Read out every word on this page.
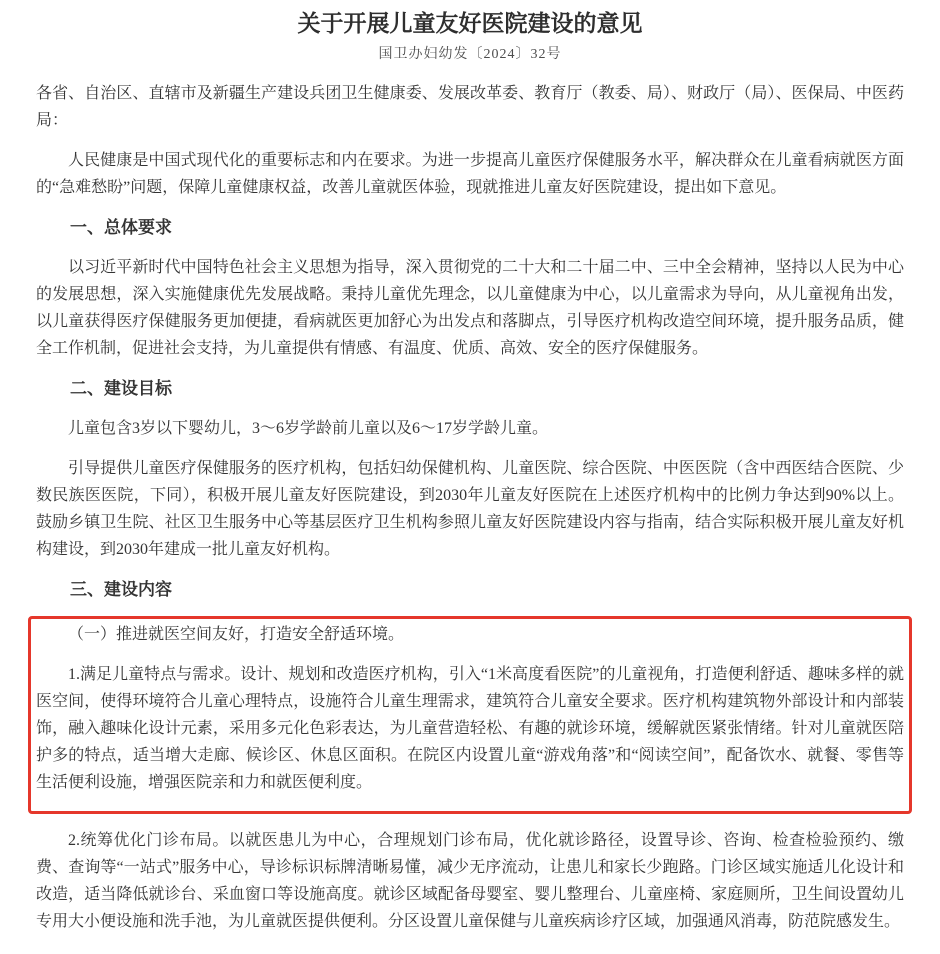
关于开展儿童友好医院建设的意见
国卫办妇幼发〔2024〕32号

各省、自治区、直辖市及新疆生产建设兵团卫生健康委、发展改革委、教育厅（教委、局）、财政厅（局）、医保局、中医药局：

人民健康是中国式现代化的重要标志和内在要求。为进一步提高儿童医疗保健服务水平，解决群众在儿童看病就医方面的“急难愁盼”问题，保障儿童健康权益，改善儿童就医体验，现就推进儿童友好医院建设，提出如下意见。

一、总体要求

以习近平新时代中国特色社会主义思想为指导，深入贯彻党的二十大和二十届二中、三中全会精神，坚持以人民为中心的发展思想，深入实施健康优先发展战略。秉持儿童优先理念，以儿童健康为中心，以儿童需求为导向，从儿童视角出发，以儿童获得医疗保健服务更加便捷，看病就医更加舒心为出发点和落脚点，引导医疗机构改造空间环境，提升服务品质，健全工作机制，促进社会支持，为儿童提供有情感、有温度、优质、高效、安全的医疗保健服务。

二、建设目标

儿童包含3岁以下婴幼儿，3～6岁学龄前儿童以及6～17岁学龄儿童。

引导提供儿童医疗保健服务的医疗机构，包括妇幼保健机构、儿童医院、综合医院、中医医院（含中西医结合医院、少数民族医医院，下同），积极开展儿童友好医院建设，到2030年儿童友好医院在上述医疗机构中的比例力争达到90%以上。鼓励乡镇卫生院、社区卫生服务中心等基层医疗卫生机构参照儿童友好医院建设内容与指南，结合实际积极开展儿童友好机构建设，到2030年建成一批儿童友好机构。

三、建设内容

（一）推进就医空间友好，打造安全舒适环境。

1.满足儿童特点与需求。设计、规划和改造医疗机构，引入“1米高度看医院”的儿童视角，打造便利舒适、趣味多样的就医空间，使得环境符合儿童心理特点，设施符合儿童生理需求，建筑符合儿童安全要求。医疗机构建筑物外部设计和内部装饰，融入趣味化设计元素，采用多元化色彩表达，为儿童营造轻松、有趣的就诊环境，缓解就医紧张情绪。针对儿童就医陪护多的特点，适当增大走廊、候诊区、休息区面积。在院区内设置儿童“游戏角落”和“阅读空间”，配备饮水、就餐、零售等生活便利设施，增强医院亲和力和就医便利度。

2.统筹优化门诊布局。以就医患儿为中心，合理规划门诊布局，优化就诊路径，设置导诊、咨询、检查检验预约、缴费、查询等“一站式”服务中心，导诊标识标牌清晰易懂，减少无序流动，让患儿和家长少跑路。门诊区域实施适儿化设计和改造，适当降低就诊台、采血窗口等设施高度。就诊区域配备母婴室、婴儿整理台、儿童座椅、家庭厕所，卫生间设置幼儿专用大小便设施和洗手池，为儿童就医提供便利。分区设置儿童保健与儿童疾病诊疗区域，加强通风消毒，防范院感发生。
